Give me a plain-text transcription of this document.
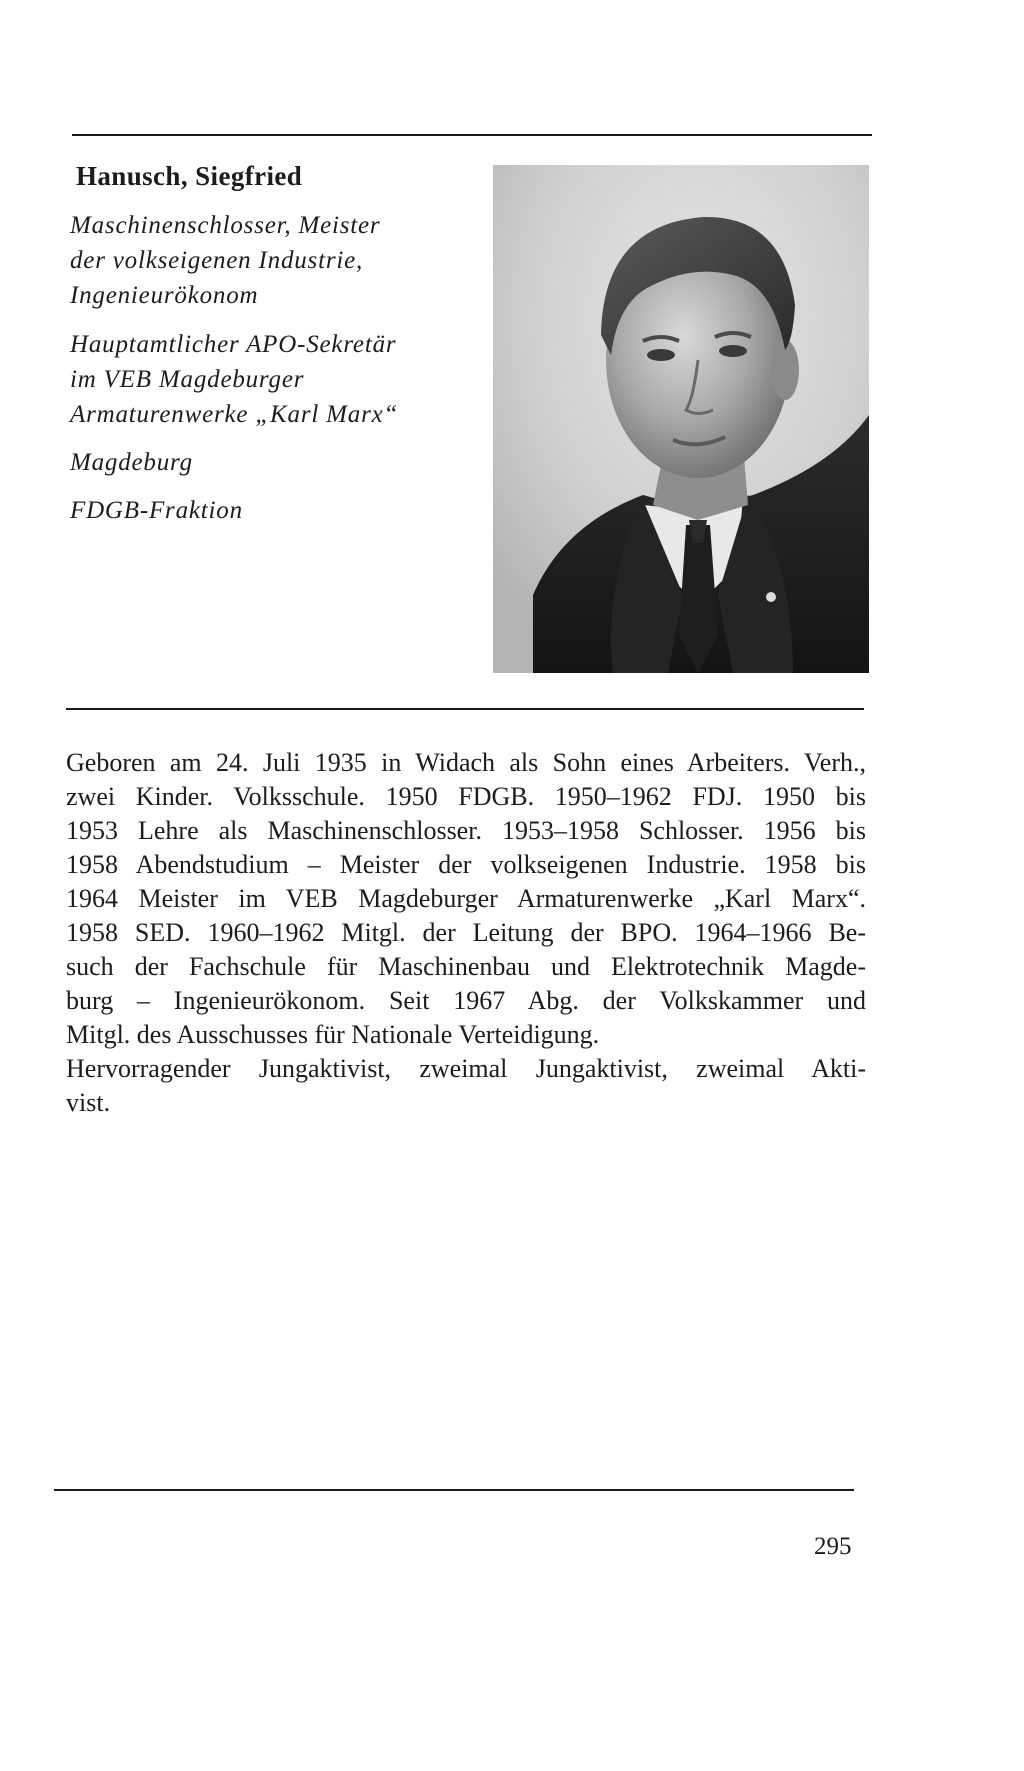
Hanusch, Siegfried

Maschinenschlosser, Meister
der volkseigenen Industrie,
Ingenieurökonom

Hauptamtlicher APO-Sekretär
im VEB Magdeburger
Armaturenwerke „Karl Marx“

Magdeburg

FDGB-Fraktion

Geboren am 24. Juli 1935 in Widach als Sohn eines Arbeiters. Verh.,
zwei Kinder. Volksschule. 1950 FDGB. 1950–1962 FDJ. 1950 bis
1953 Lehre als Maschinenschlosser. 1953–1958 Schlosser. 1956 bis
1958 Abendstudium – Meister der volkseigenen Industrie. 1958 bis
1964 Meister im VEB Magdeburger Armaturenwerke „Karl Marx“.
1958 SED. 1960–1962 Mitgl. der Leitung der BPO. 1964–1966 Be-
such der Fachschule für Maschinenbau und Elektrotechnik Magde-
burg – Ingenieurökonom. Seit 1967 Abg. der Volkskammer und
Mitgl. des Ausschusses für Nationale Verteidigung.
Hervorragender Jungaktivist, zweimal Jungaktivist, zweimal Akti-
vist.

295
